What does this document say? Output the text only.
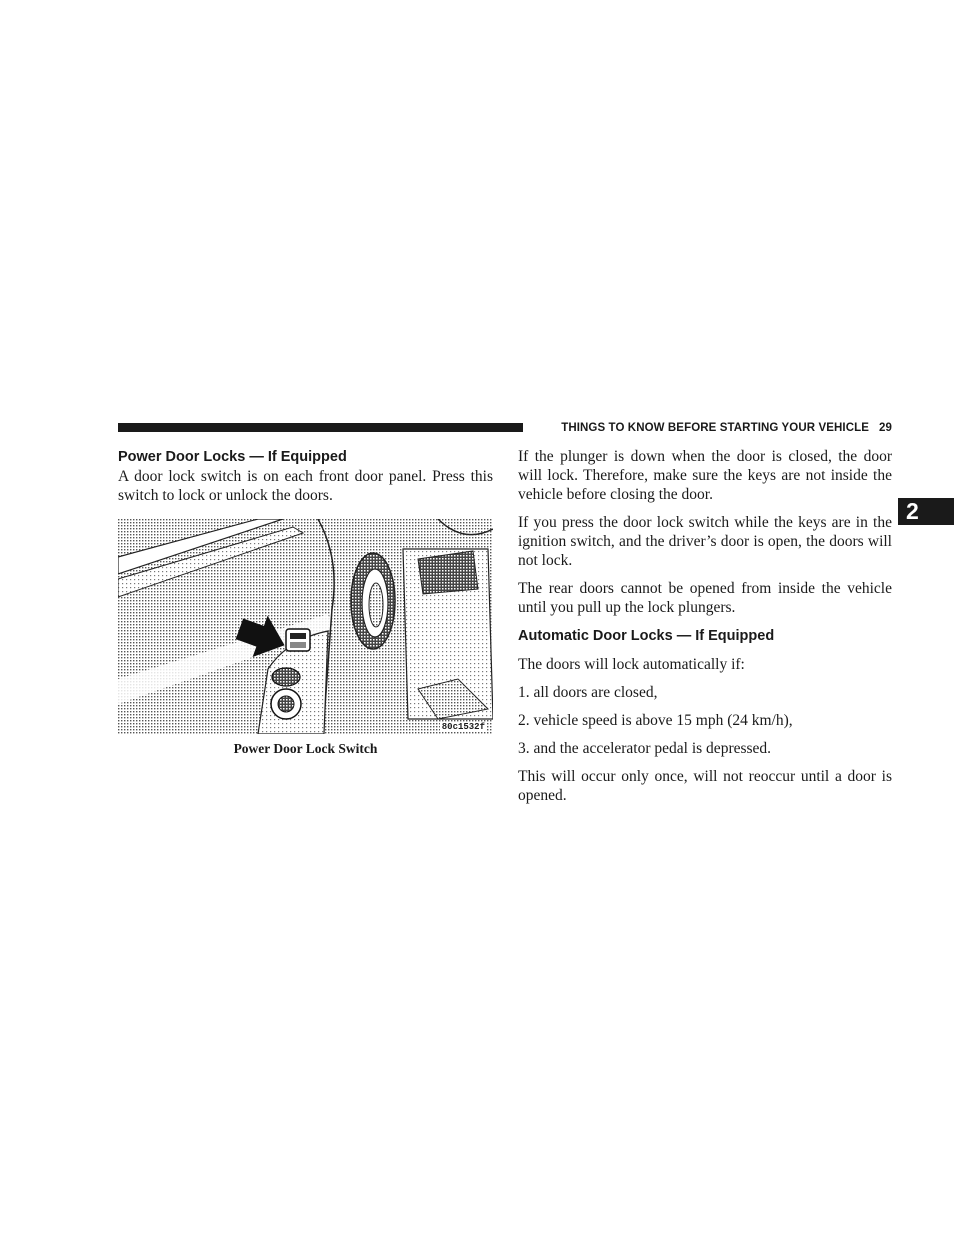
THINGS TO KNOW BEFORE STARTING YOUR VEHICLE 29
2
Power Door Locks — If Equipped

A door lock switch is on each front door panel. Press this switch to lock or unlock the doors.

80c1532f
Power Door Lock Switch

If the plunger is down when the door is closed, the door will lock. Therefore, make sure the keys are not inside the vehicle before closing the door.

If you press the door lock switch while the keys are in the ignition switch, and the driver’s door is open, the doors will not lock.

The rear doors cannot be opened from inside the vehicle until you pull up the lock plungers.

Automatic Door Locks — If Equipped

The doors will lock automatically if:

1. all doors are closed,

2. vehicle speed is above 15 mph (24 km/h),

3. and the accelerator pedal is depressed.

This will occur only once, will not reoccur until a door is opened.
